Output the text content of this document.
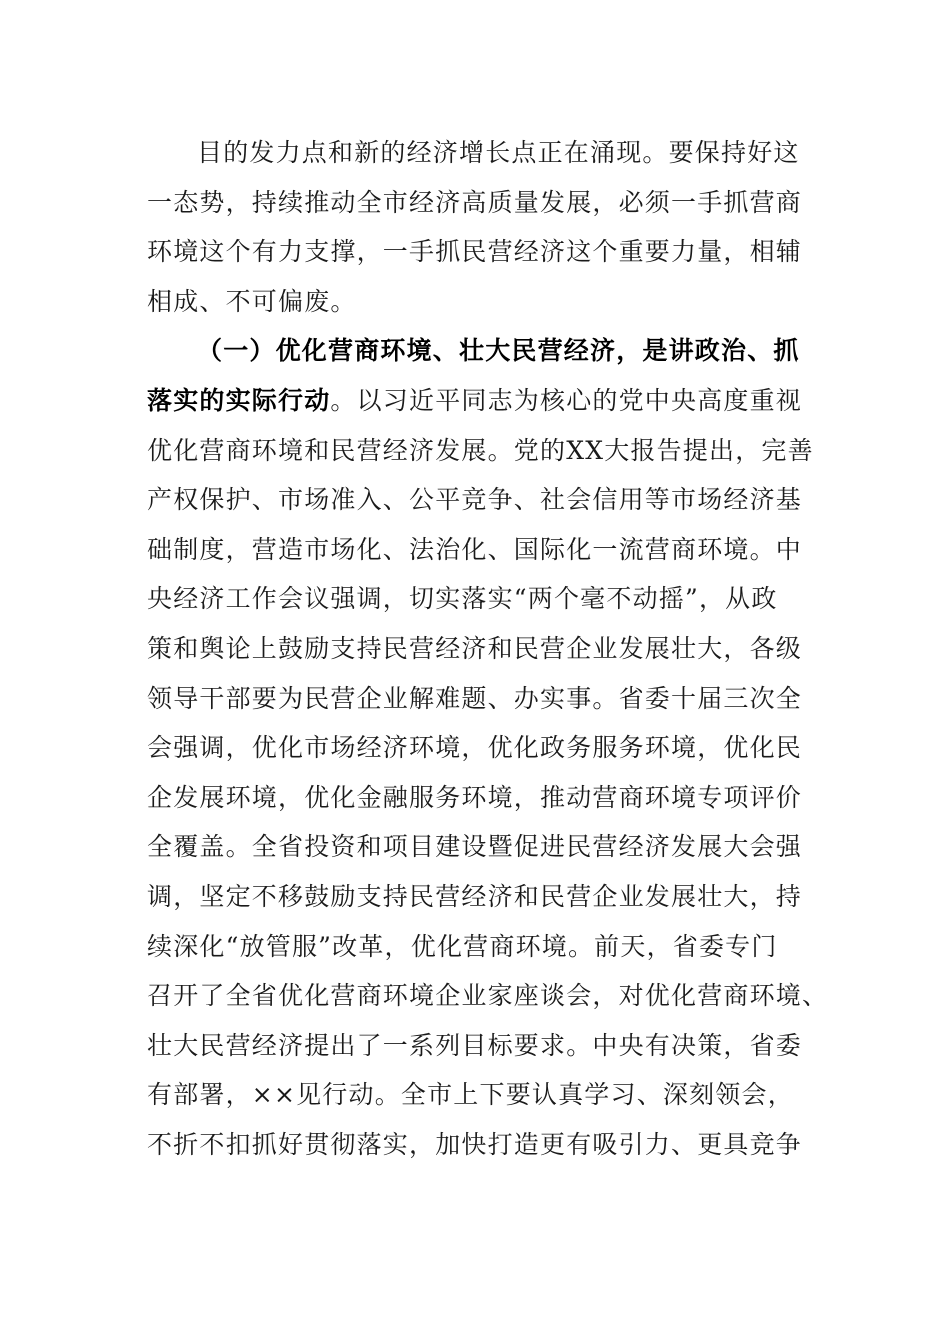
目的发力点和新的经济增长点正在涌现。要保持好这
一态势，持续推动全市经济高质量发展，必须一手抓营商
环境这个有力支撑，一手抓民营经济这个重要力量，相辅
相成、不可偏废。
（一）优化营商环境、壮大民营经济，是讲政治、抓
落实的实际行动。以习近平同志为核心的党中央高度重视
优化营商环境和民营经济发展。党的XX大报告提出，完善
产权保护、市场准入、公平竞争、社会信用等市场经济基
础制度，营造市场化、法治化、国际化一流营商环境。中
央经济工作会议强调，切实落实“两个毫不动摇”，从政
策和舆论上鼓励支持民营经济和民营企业发展壮大，各级
领导干部要为民营企业解难题、办实事。省委十届三次全
会强调，优化市场经济环境，优化政务服务环境，优化民
企发展环境，优化金融服务环境，推动营商环境专项评价
全覆盖。全省投资和项目建设暨促进民营经济发展大会强
调，坚定不移鼓励支持民营经济和民营企业发展壮大，持
续深化“放管服”改革，优化营商环境。前天，省委专门
召开了全省优化营商环境企业家座谈会，对优化营商环境、
壮大民营经济提出了一系列目标要求。中央有决策，省委
有部署，××见行动。全市上下要认真学习、深刻领会，
不折不扣抓好贯彻落实，加快打造更有吸引力、更具竞争
